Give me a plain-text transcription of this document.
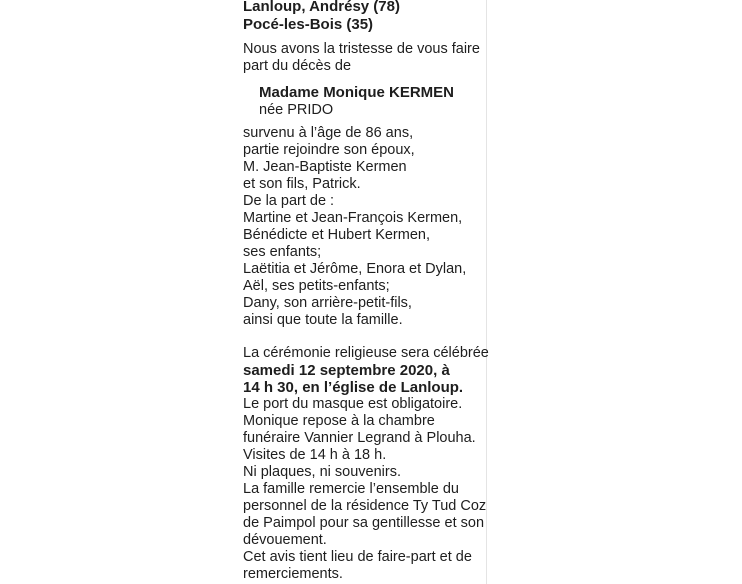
Lanloup, Andrésy (78)
Pocé-les-Bois (35)
Nous avons la tristesse de vous faire
part du décès de
Madame Monique KERMEN
née PRIDO
survenu à l’âge de 86 ans,
partie rejoindre son époux,
M. Jean-Baptiste Kermen
et son fils, Patrick.
De la part de :
Martine et Jean-François Kermen,
Bénédicte et Hubert Kermen,
ses enfants;
Laëtitia et Jérôme, Enora et Dylan,
Aël, ses petits-enfants;
Dany, son arrière-petit-fils,
ainsi que toute la famille.
La cérémonie religieuse sera célébrée
samedi 12 septembre 2020, à
14 h 30, en l’église de Lanloup.
Le port du masque est obligatoire.
Monique repose à la chambre
funéraire Vannier Legrand à Plouha.
Visites de 14 h à 18 h.
Ni plaques, ni souvenirs.
La famille remercie l’ensemble du
personnel de la résidence Ty Tud Coz
de Paimpol pour sa gentillesse et son
dévouement.
Cet avis tient lieu de faire-part et de
remerciements.
